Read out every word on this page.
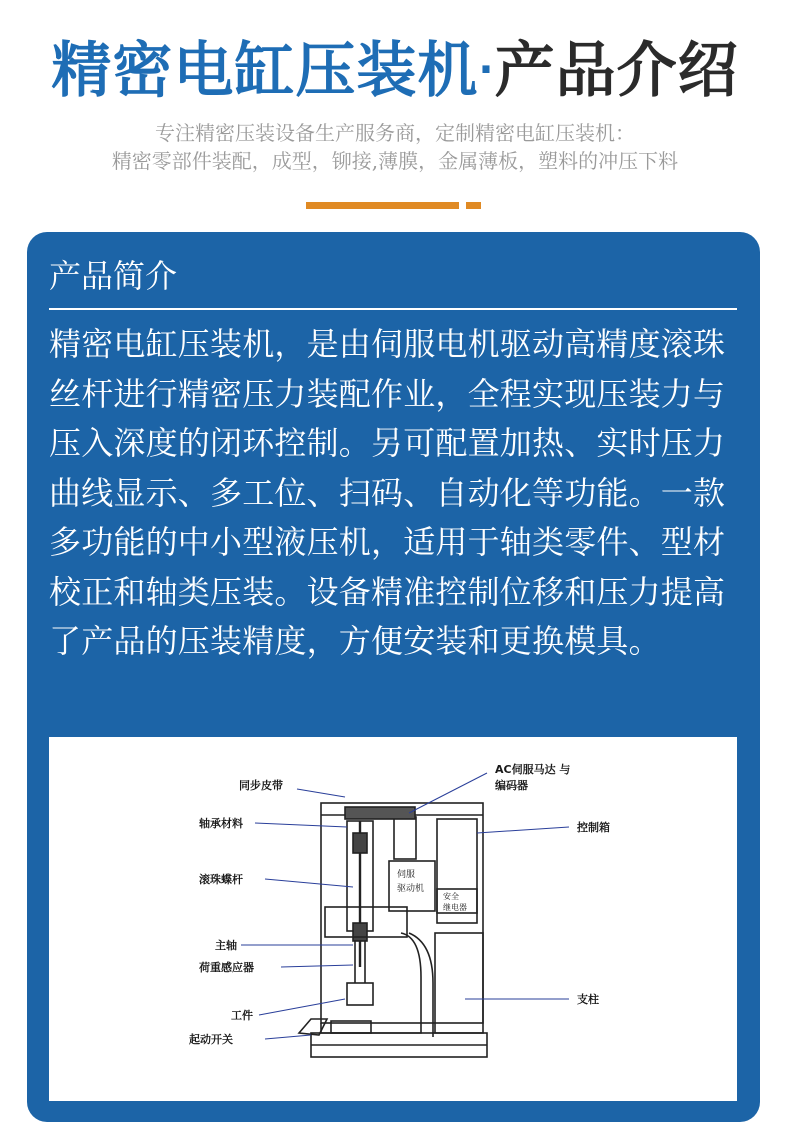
精密电缸压装机·产品介绍
专注精密压装设备生产服务商，定制精密电缸压装机：
精密零部件装配，成型，铆接,薄膜，金属薄板，塑料的冲压下料
产品简介
精密电缸压装机，是由伺服电机驱动高精度滚珠丝杆进行精密压力装配作业，全程实现压装力与压入深度的闭环控制。另可配置加热、实时压力曲线显示、多工位、扫码、自动化等功能。一款多功能的中小型液压机，适用于轴类零件、型材校正和轴类压装。设备精准控制位移和压力提高了产品的压装精度，方便安装和更换模具。
同步皮带
轴承材料
滚珠蝶杆
主轴
荷重感应器
工件
起动开关
AC伺服马达 与
编码器
控制箱
支柱
伺服
驱动机
安全
继电器
